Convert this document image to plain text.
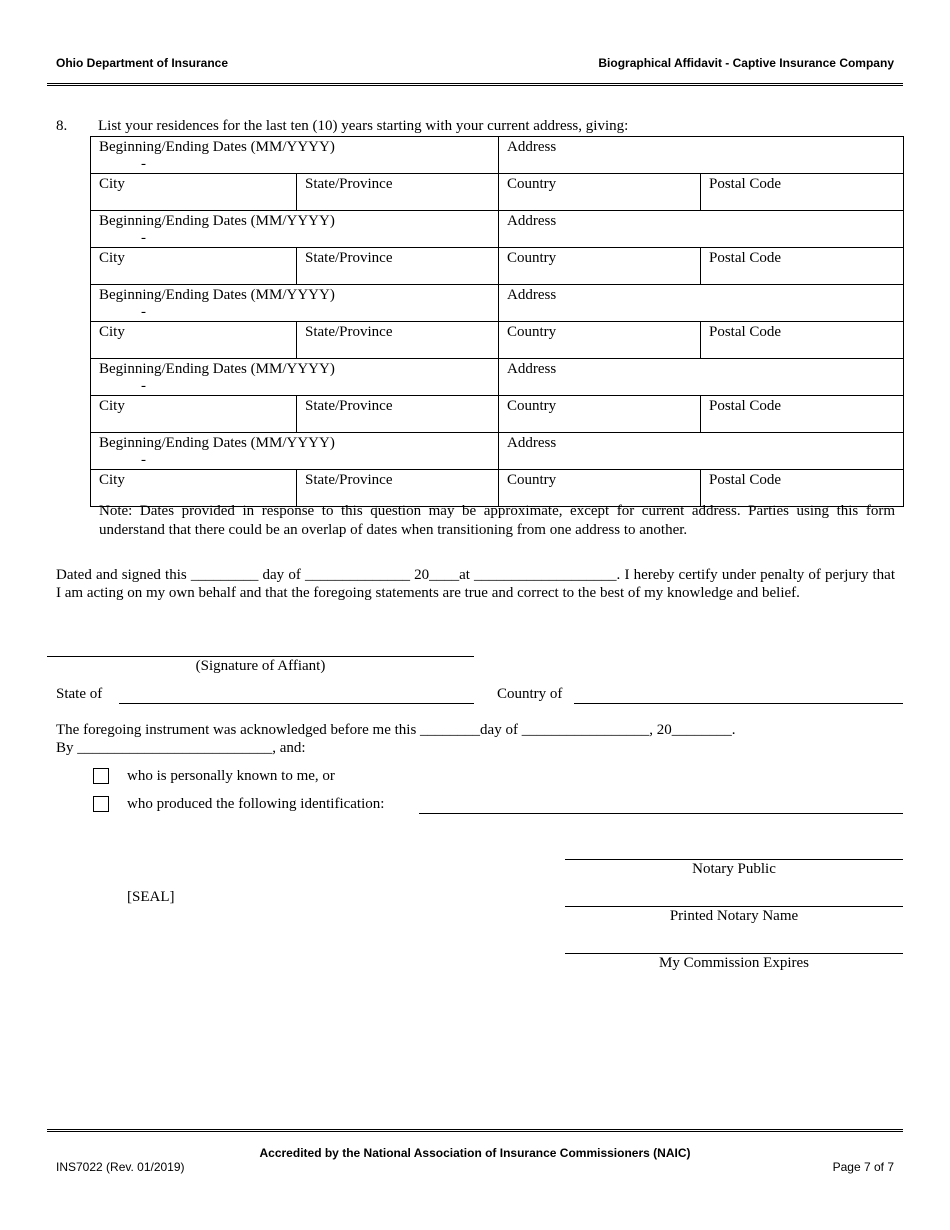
Ohio Department of Insurance	Biographical Affidavit - Captive Insurance Company
8. List your residences for the last ten (10) years starting with your current address, giving:
Beginning/Ending Dates (MM/YYYY)
-		Address	
City	State/Province	Country	Postal Code
Beginning/Ending Dates (MM/YYYY)
-		Address	
City	State/Province	Country	Postal Code
Beginning/Ending Dates (MM/YYYY)
-		Address	
City	State/Province	Country	Postal Code
Beginning/Ending Dates (MM/YYYY)
-		Address	
City	State/Province	Country	Postal Code
Beginning/Ending Dates (MM/YYYY)
-		Address	
City	State/Province	Country	Postal Code
Note: Dates provided in response to this question may be approximate, except for current address. Parties using this form understand that there could be an overlap of dates when transitioning from one address to another.
Dated and signed this _________ day of ______________ 20____at ___________________. I hereby certify under penalty of perjury that I am acting on my own behalf and that the foregoing statements are true and correct to the best of my knowledge and belief.
(Signature of Affiant)
State of	Country of
The foregoing instrument was acknowledged before me this ________day of _________________, 20________.
By __________________________, and:
who is personally known to me, or
who produced the following identification:
Notary Public
[SEAL]
Printed Notary Name
My Commission Expires
Accredited by the National Association of Insurance Commissioners (NAIC)
INS7022 (Rev. 01/2019)	Page 7 of 7
